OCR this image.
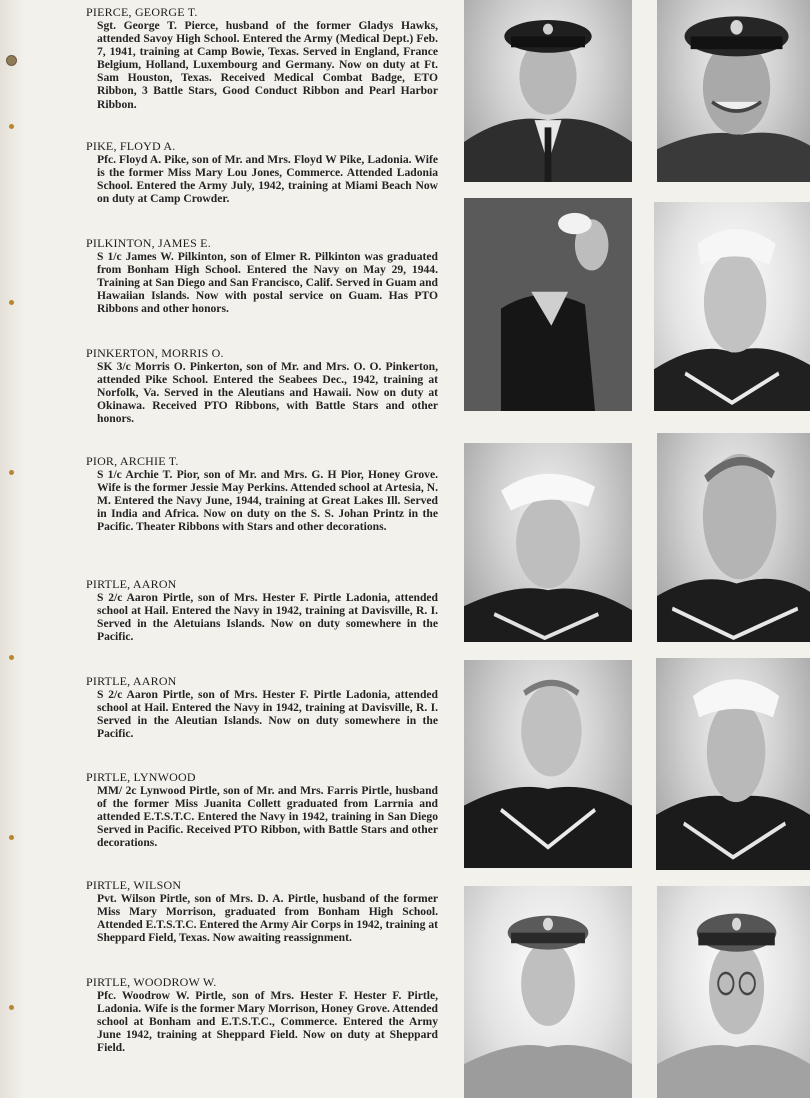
PIERCE, GEORGE T.

Sgt. George T. Pierce, husband of the former Gladys Hawks, attended Savoy High School. Entered the Army (Medical Dept.) Feb. 7, 1941, training at Camp Bowie, Texas. Served in England, France Belgium, Holland, Luxembourg and Germany. Now on duty at Ft. Sam Houston, Texas. Received Medical Combat Badge, ETO Ribbon, 3 Battle Stars, Good Conduct Ribbon and Pearl Harbor Ribbon.

PIKE, FLOYD A.

Pfc. Floyd A. Pike, son of Mr. and Mrs. Floyd W Pike, Ladonia. Wife is the former Miss Mary Lou Jones, Commerce. Attended Ladonia School. Entered the Army July, 1942, training at Miami Beach Now on duty at Camp Crowder.

PILKINTON, JAMES E.

S 1/c James W. Pilkinton, son of Elmer R. Pilkinton was graduated from Bonham High School. Entered the Navy on May 29, 1944. Training at San Diego and San Francisco, Calif. Served in Guam and Hawaiian Islands. Now with postal service on Guam. Has PTO Ribbons and other honors.

PINKERTON, MORRIS O.

SK 3/c Morris O. Pinkerton, son of Mr. and Mrs. O. O. Pinkerton, attended Pike School. Entered the Seabees Dec., 1942, training at Norfolk, Va. Served in the Aleutians and Hawaii. Now on duty at Okinawa. Received PTO Ribbons, with Battle Stars and other honors.

PIOR, ARCHIE T.

S 1/c Archie T. Pior, son of Mr. and Mrs. G. H Pior, Honey Grove. Wife is the former Jessie May Perkins. Attended school at Artesia, N. M. Entered the Navy June, 1944, training at Great Lakes Ill. Served in India and Africa. Now on duty on the S. S. Johan Printz in the Pacific. Theater Ribbons with Stars and other decorations.

PIRTLE, AARON

S 2/c Aaron Pirtle, son of Mrs. Hester F. Pirtle Ladonia, attended school at Hail. Entered the Navy in 1942, training at Davisville, R. I. Served in the Aletuians Islands. Now on duty somewhere in the Pacific.

PIRTLE, AARON

S 2/c Aaron Pirtle, son of Mrs. Hester F. Pirtle Ladonia, attended school at Hail. Entered the Navy in 1942, training at Davisville, R. I. Served in the Aleutian Islands. Now on duty somewhere in the Pacific.

PIRTLE, LYNWOOD

MM/ 2c Lynwood Pirtle, son of Mr. and Mrs. Farris Pirtle, husband of the former Miss Juanita Collett graduated from Larrnia and attended E.T.S.T.C. Entered the Navy in 1942, training in San Diego Served in Pacific. Received PTO Ribbon, with Battle Stars and other decorations.

PIRTLE, WILSON

Pvt. Wilson Pirtle, son of Mrs. D. A. Pirtle, husband of the former Miss Mary Morrison, graduated from Bonham High School. Attended E.T.S.T.C. Entered the Army Air Corps in 1942, training at Sheppard Field, Texas. Now awaiting reassignment.

PIRTLE, WOODROW W.

Pfc. Woodrow W. Pirtle, son of Mrs. Hester F. Hester F. Pirtle, Ladonia. Wife is the former Mary Morrison, Honey Grove. Attended school at Bonham and E.T.S.T.C., Commerce. Entered the Army June 1942, training at Sheppard Field. Now on duty at Sheppard Field.
